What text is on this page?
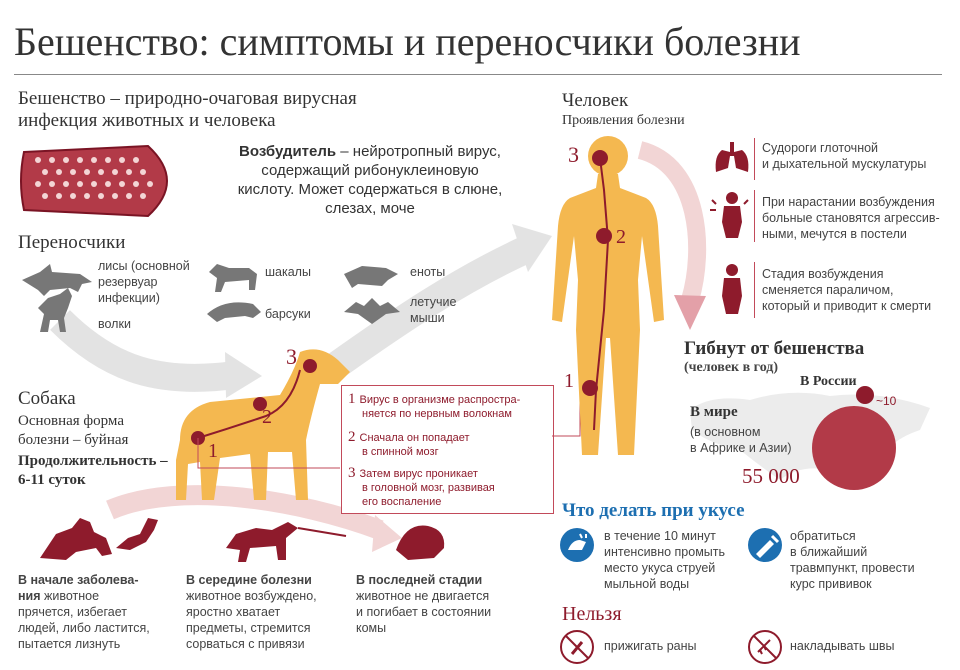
Бешенство: симптомы и переносчики болезни
Бешенство – природно-очаговая вирусная
инфекция животных и человека
Возбудитель – нейротропный вирус,
содержащий рибонуклеиновую
кислоту. Может содержаться в слюне,
слезах, моче
Переносчики
лисы (основной
резервуар
инфекции)
волки
шакалы
барсуки
еноты
летучие
мыши
Собака
Основная форма
болезни – буйная
Продолжительность –
6-11 суток
1
2
3
1 Вирус в организме распростра-
няется по нервным волокнам
2 Сначала он попадает
в спинной мозг
3 Затем вирус проникает
в головной мозг, развивая
его воспаление
В начале заболева-
ния животное
прячется, избегает
людей, либо ластится,
пытается лизнуть
В середине болезни
животное возбуждено,
яростно хватает
предметы, стремится
сорваться с привязи
В последней стадии
животное не двигается
и погибает в состоянии
комы
Человек
Проявления болезни
3
2
1
Судороги глоточной
и дыхательной мускулатуры
При нарастании возбуждения
больные становятся агрессив-
ными, мечутся в постели
Стадия возбуждения
сменяется параличом,
который и приводит к смерти
Гибнут от бешенства
(человек в год)
В России
~10
В мире
(в основном
в Африке и Азии)
55 000
Что делать при укусе
в течение 10 минут
интенсивно промыть
место укуса струей
мыльной воды
обратиться
в ближайший
травмпункт, провести
курс прививок
Нельзя
прижигать раны	накладывать швы
